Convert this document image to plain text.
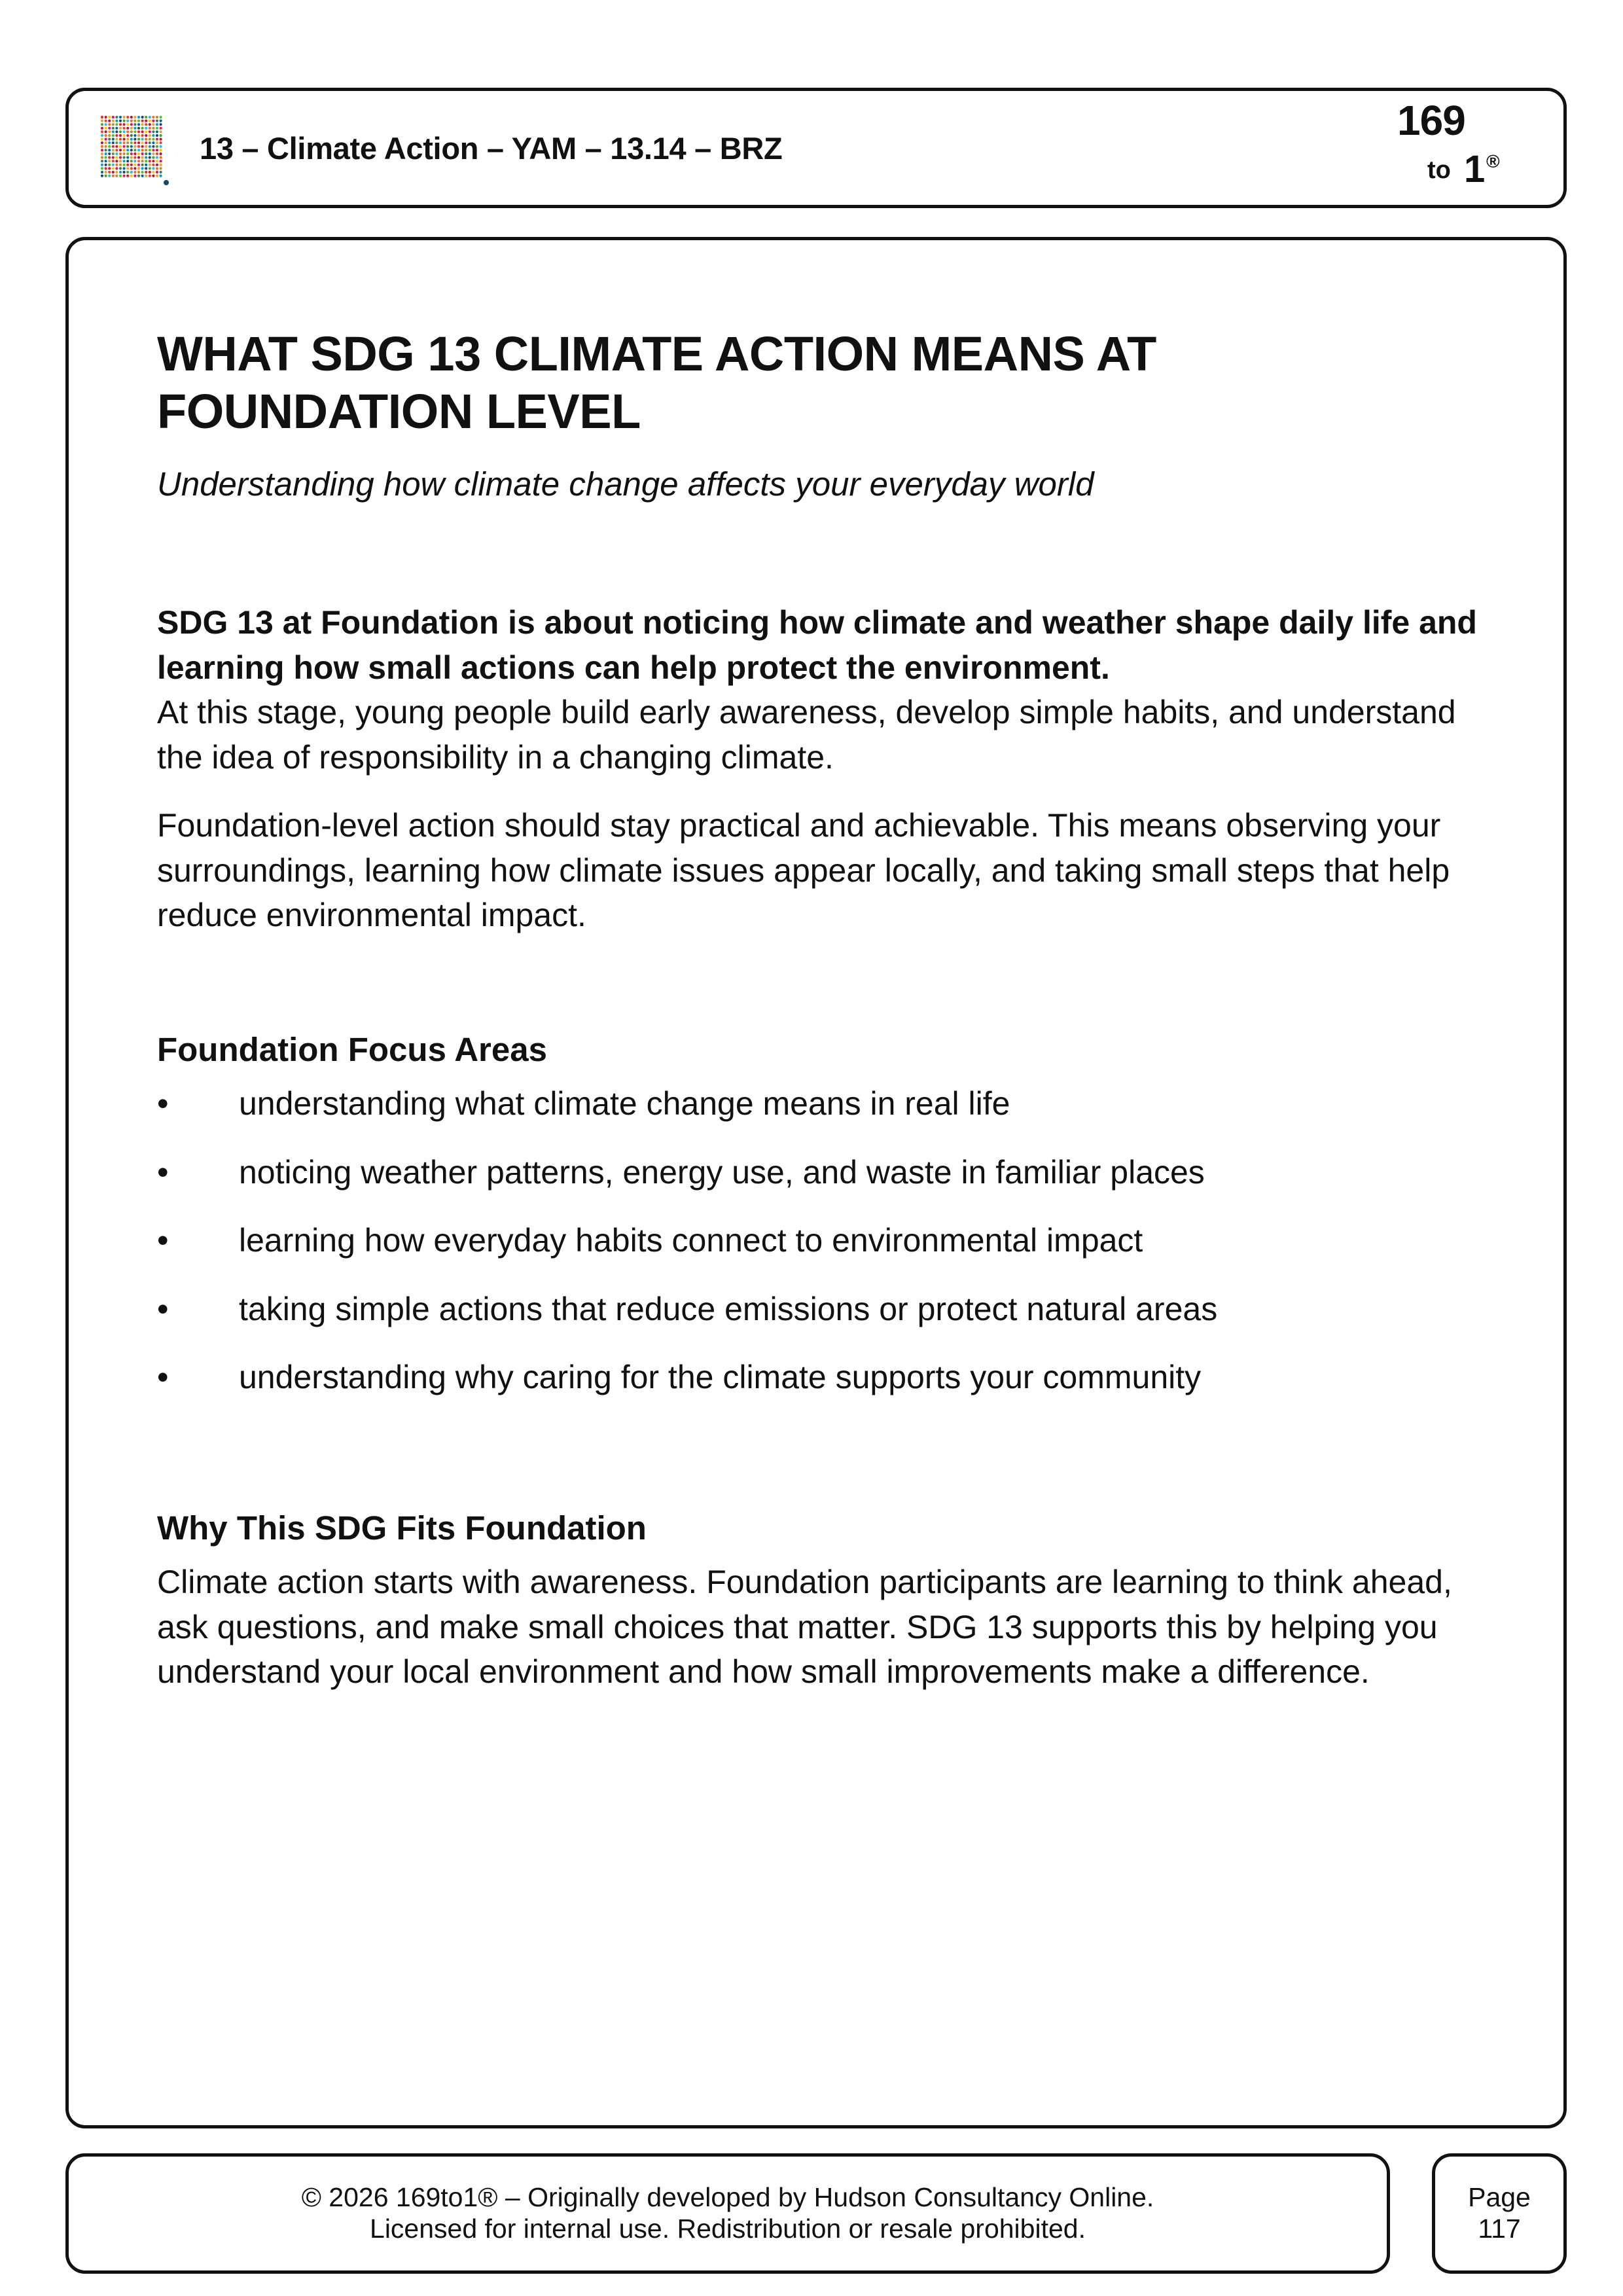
13 – Climate Action – YAM – 13.14 – BRZ
169
to 1 ®
WHAT SDG 13 CLIMATE ACTION MEANS AT FOUNDATION LEVEL
Understanding how climate change affects your everyday world

SDG 13 at Foundation is about noticing how climate and weather shape daily life and learning how small actions can help protect the environment.
At this stage, young people build early awareness, develop simple habits, and understand the idea of responsibility in a changing climate.

Foundation-level action should stay practical and achievable. This means observing your surroundings, learning how climate issues appear locally, and taking small steps that help reduce environmental impact.

Foundation Focus Areas
•	understanding what climate change means in real life
•	noticing weather patterns, energy use, and waste in familiar places
•	learning how everyday habits connect to environmental impact
•	taking simple actions that reduce emissions or protect natural areas
•	understanding why caring for the climate supports your community
Why This SDG Fits Foundation

Climate action starts with awareness. Foundation participants are learning to think ahead, ask questions, and make small choices that matter. SDG 13 supports this by helping you understand your local environment and how small improvements make a difference.

© 2026 169to1® – Originally developed by Hudson Consultancy Online.
Licensed for internal use. Redistribution or resale prohibited.
Page
117
